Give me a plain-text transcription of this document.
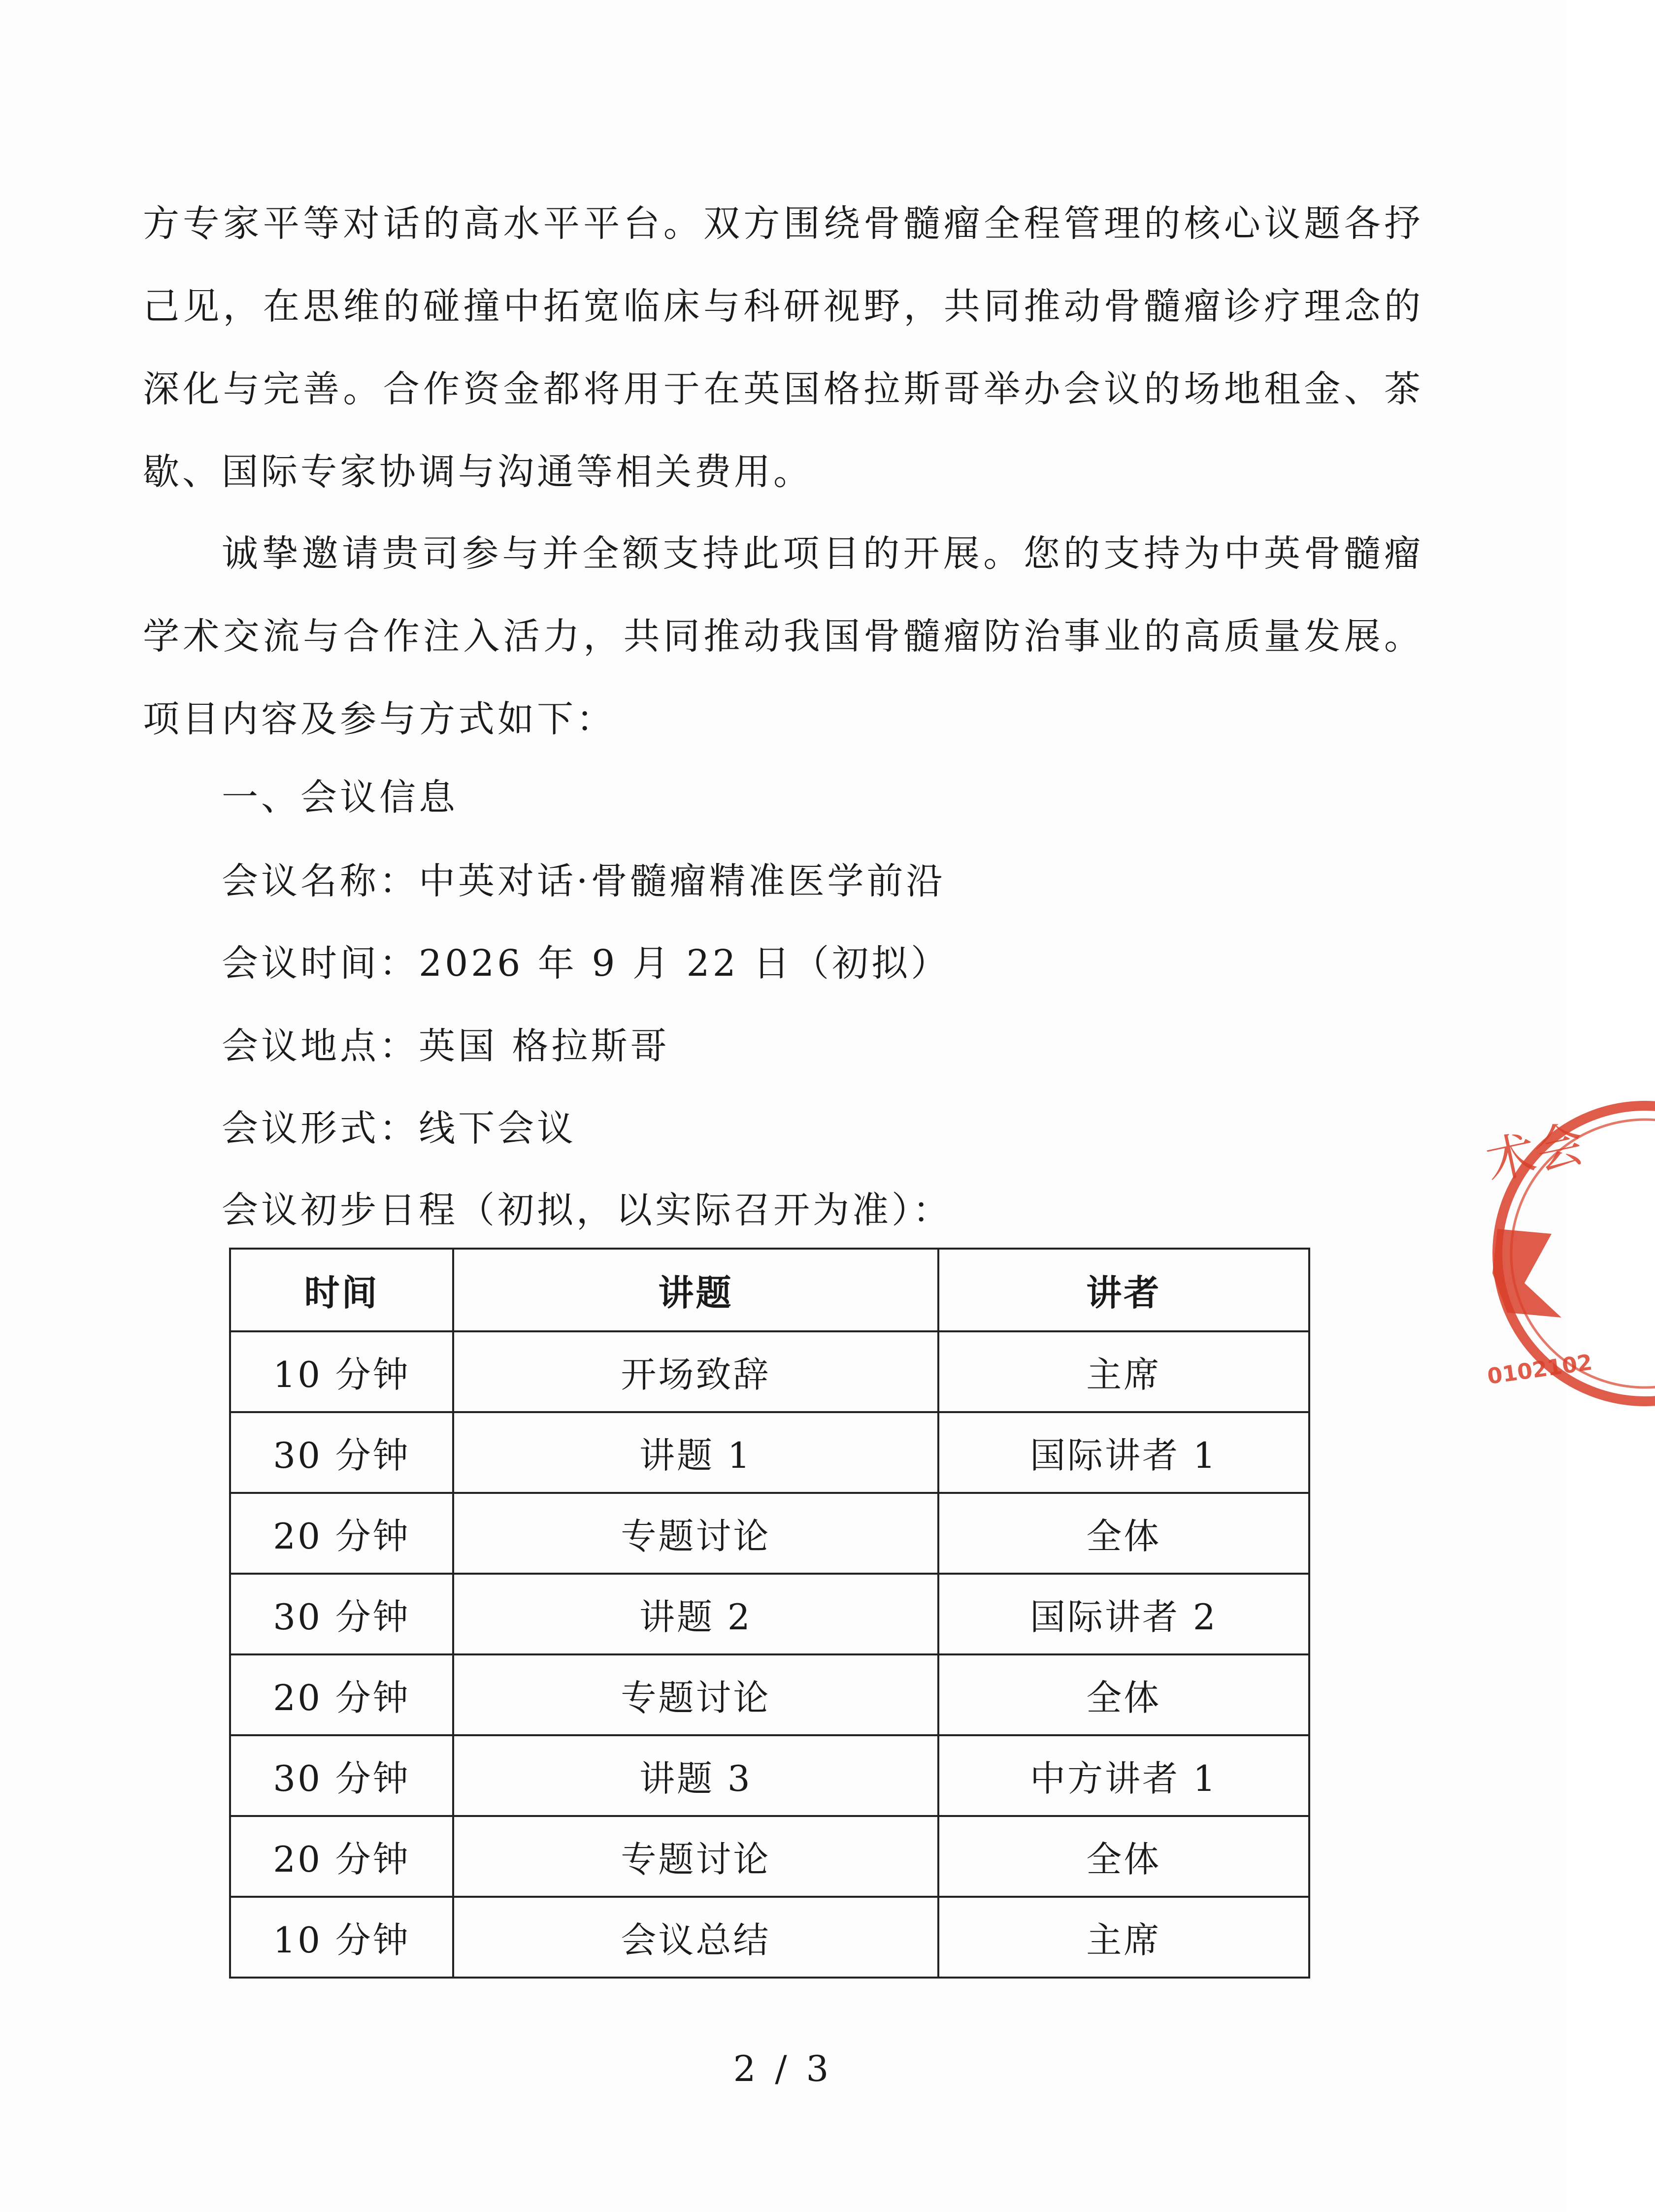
方专家平等对话的高水平平台。双方围绕骨髓瘤全程管理的核心议题各抒己见，在思维的碰撞中拓宽临床与科研视野，共同推动骨髓瘤诊疗理念的深化与完善。合作资金都将用于在英国格拉斯哥举办会议的场地租金、茶歇、国际专家协调与沟通等相关费用。

诚挚邀请贵司参与并全额支持此项目的开展。您的支持为中英骨髓瘤学术交流与合作注入活力，共同推动我国骨髓瘤防治事业的高质量发展。项目内容及参与方式如下：

一、会议信息

会议名称：中英对话·骨髓瘤精准医学前沿

会议时间：2026 年 9 月 22 日（初拟）

会议地点：英国 格拉斯哥

会议形式：线下会议

会议初步日程（初拟，以实际召开为准）：

时间	讲题	讲者
10 分钟	开场致辞	主席
30 分钟	讲题 1	国际讲者 1
20 分钟	专题讨论	全体
30 分钟	讲题 2	国际讲者 2
20 分钟	专题讨论	全体
30 分钟	讲题 3	中方讲者 1
20 分钟	专题讨论	全体
10 分钟	会议总结	主席

2 / 3

术会
0102102
